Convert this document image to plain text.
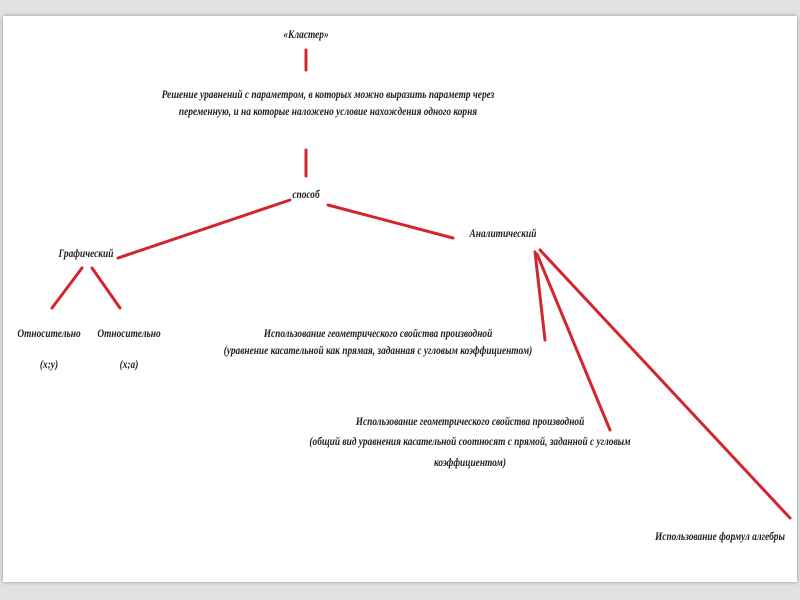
«Кластер»
Решение уравнений с параметром, в которых можно выразить параметр через
переменную, и на которые наложено условие нахождения одного корня
способ
Графический
Аналитический
Относительно
(х;у)
Относительно
(х;а)
Использование геометрического свойства производной
(уравнение касательной как прямая, заданная с угловым коэффициентом)
Использование геометрического свойства производной
(общий вид уравнения касательной соотносят с прямой, заданной с угловым
коэффициентом)
Использование формул алгебры
